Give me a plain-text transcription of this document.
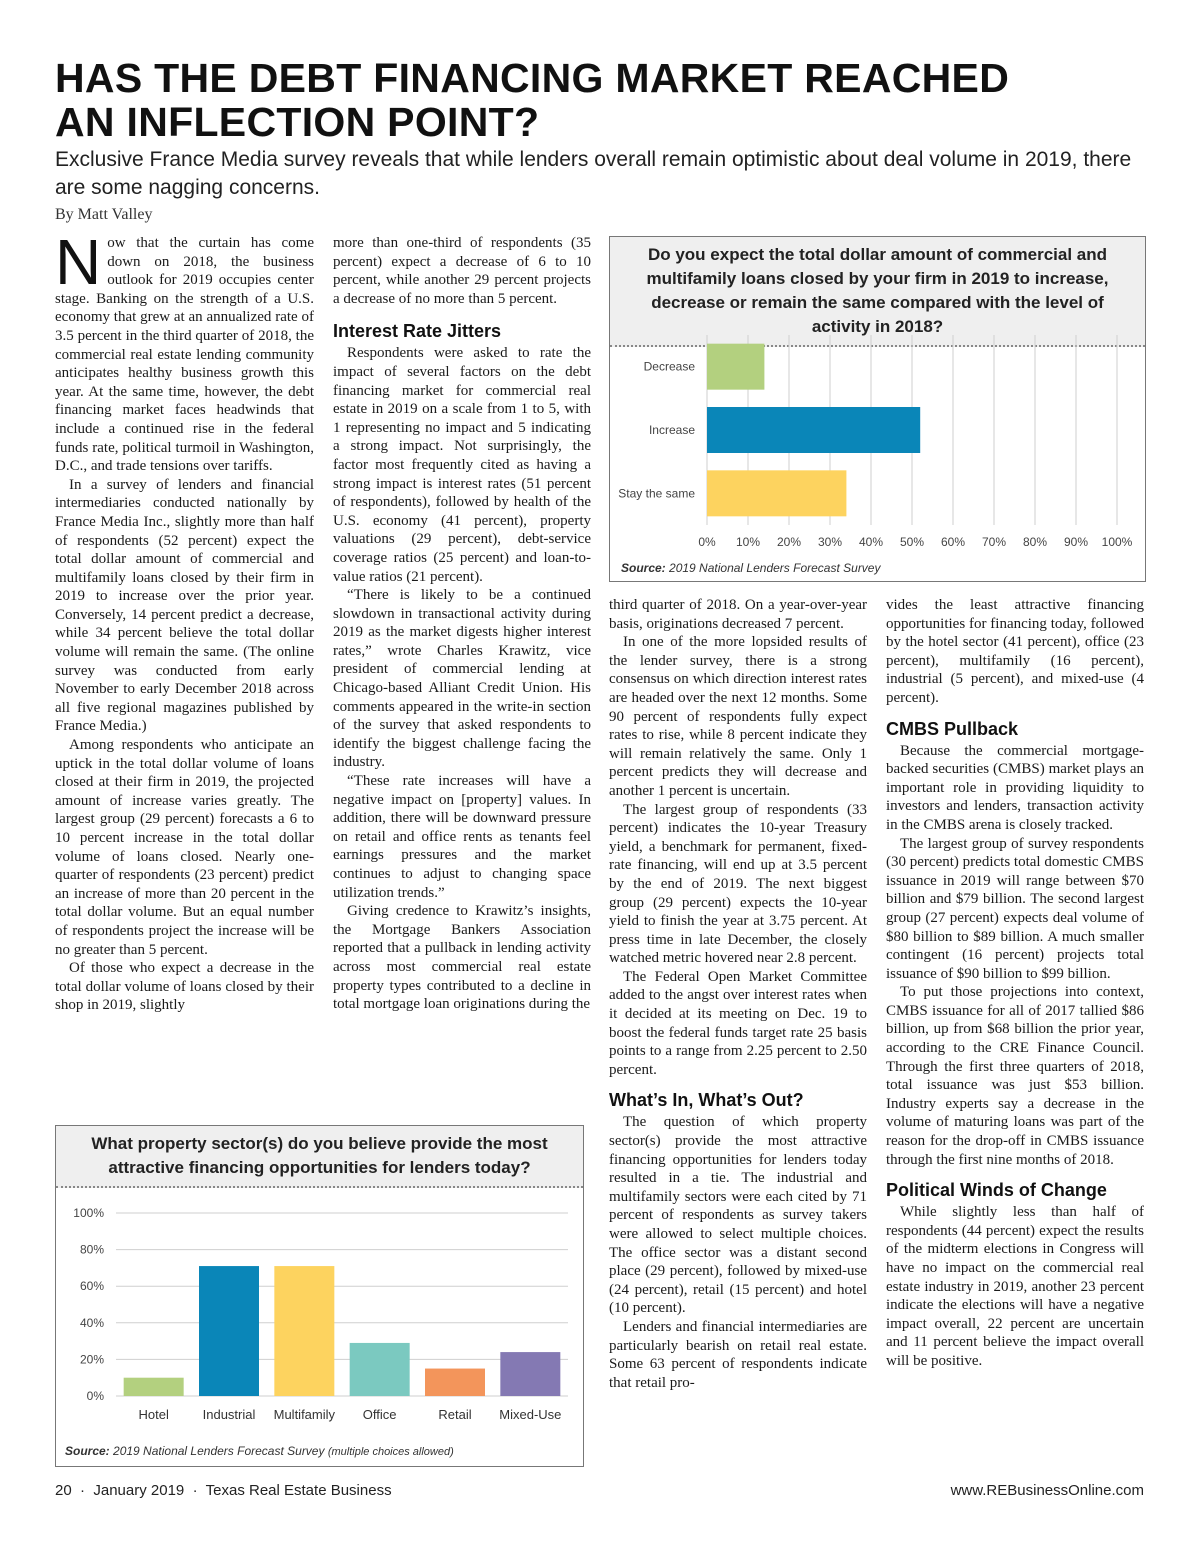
HAS THE DEBT FINANCING MARKET REACHED
AN INFLECTION POINT?
Exclusive France Media survey reveals that while lenders overall remain optimistic about deal volume in 2019, there are some nagging concerns.
By Matt Valley

Now that the curtain has come down on 2018, the business outlook for 2019 occupies center stage. Banking on the strength of a U.S. economy that grew at an annualized rate of 3.5 percent in the third quarter of 2018, the commercial real estate lending community anticipates healthy business growth this year. At the same time, however, the debt financing market faces headwinds that include a continued rise in the federal funds rate, political turmoil in Washington, D.C., and trade tensions over tariffs.

In a survey of lenders and financial intermediaries conducted nationally by France Media Inc., slightly more than half of respondents (52 percent) expect the total dollar amount of commercial and multifamily loans closed by their firm in 2019 to increase over the prior year. Conversely, 14 percent predict a decrease, while 34 percent believe the total dollar volume will remain the same. (The online survey was conducted from early November to early December 2018 across all five regional magazines published by France Media.)

Among respondents who anticipate an uptick in the total dollar volume of loans closed at their firm in 2019, the projected amount of increase varies greatly. The largest group (29 percent) forecasts a 6 to 10 percent increase in the total dollar volume of loans closed. Nearly one-quarter of respondents (23 percent) predict an increase of more than 20 percent in the total dollar volume. But an equal number of respondents project the increase will be no greater than 5 percent.

Of those who expect a decrease in the total dollar volume of loans closed by their shop in 2019, slightly

more than one-third of respondents (35 percent) expect a decrease of 6 to 10 percent, while another 29 percent projects a decrease of no more than 5 percent.

Interest Rate Jitters

Respondents were asked to rate the impact of several factors on the debt financing market for commercial real estate in 2019 on a scale from 1 to 5, with 1 representing no impact and 5 indicating a strong impact. Not surprisingly, the factor most frequently cited as having a strong impact is interest rates (51 percent of respondents), followed by health of the U.S. economy (41 percent), property valuations (29 percent), debt-service coverage ratios (25 percent) and loan-to-value ratios (21 percent).

“There is likely to be a continued slowdown in transactional activity during 2019 as the market digests higher interest rates,” wrote Charles Krawitz, vice president of commercial lending at Chicago-based Alliant Credit Union. His comments appeared in the write-in section of the survey that asked respondents to identify the biggest challenge facing the industry.

“These rate increases will have a negative impact on [property] values. In addition, there will be downward pressure on retail and office rents as tenants feel earnings pressures and the market continues to adjust to changing space utilization trends.”

Giving credence to Krawitz’s insights, the Mortgage Bankers Association reported that a pullback in lending activity across most commercial real estate property types contributed to a decline in total mortgage loan originations during the

Do you expect the total dollar amount of commercial and multifamily loans closed by your firm in 2019 to increase, decrease or remain the same compared with the level of activity in 2018?
0% 10% 20% 30% 40% 50% 60% 70% 80% 90% 100%
Decrease
Increase
Stay the same
Source: 2019 National Lenders Forecast Survey
What property sector(s) do you believe provide the most attractive financing opportunities for lenders today?
0%
20%
40%
60%
80%
100%
Hotel	Industrial Multifamily Office	Retail Mixed-Use
Source: 2019 National Lenders Forecast Survey (multiple choices allowed)

third quarter of 2018. On a year-over-year basis, originations decreased 7 percent.

In one of the more lopsided results of the lender survey, there is a strong consensus on which direction interest rates are headed over the next 12 months. Some 90 percent of respondents fully expect rates to rise, while 8 percent indicate they will remain relatively the same. Only 1 percent predicts they will decrease and another 1 percent is uncertain.

The largest group of respondents (33 percent) indicates the 10-year Treasury yield, a benchmark for permanent, fixed-rate financing, will end up at 3.5 percent by the end of 2019. The next biggest group (29 percent) expects the 10-year yield to finish the year at 3.75 percent. At press time in late December, the closely watched metric hovered near 2.8 percent.

The Federal Open Market Committee added to the angst over interest rates when it decided at its meeting on Dec. 19 to boost the federal funds target rate 25 basis points to a range from 2.25 percent to 2.50 percent.

What’s In, What’s Out?

The question of which property sector(s) provide the most attractive financing opportunities for lenders today resulted in a tie. The industrial and multifamily sectors were each cited by 71 percent of respondents as survey takers were allowed to select multiple choices. The office sector was a distant second place (29 percent), followed by mixed-use (24 percent), retail (15 percent) and hotel (10 percent).

Lenders and financial intermediaries are particularly bearish on retail real estate. Some 63 percent of respondents indicate that retail pro-

vides the least attractive financing opportunities for financing today, followed by the hotel sector (41 percent), office (23 percent), multifamily (16 percent), industrial (5 percent), and mixed-use (4 percent).

CMBS Pullback

Because the commercial mortgage-backed securities (CMBS) market plays an important role in providing liquidity to investors and lenders, transaction activity in the CMBS arena is closely tracked.

The largest group of survey respondents (30 percent) predicts total domestic CMBS issuance in 2019 will range between $70 billion and $79 billion. The second largest group (27 percent) expects deal volume of $80 billion to $89 billion. A much smaller contingent (16 percent) projects total issuance of $90 billion to $99 billion.

To put those projections into context, CMBS issuance for all of 2017 tallied $86 billion, up from $68 billion the prior year, according to the CRE Finance Council. Through the first three quarters of 2018, total issuance was just $53 billion. Industry experts say a decrease in the volume of maturing loans was part of the reason for the drop-off in CMBS issuance through the first nine months of 2018.

Political Winds of Change

While slightly less than half of respondents (44 percent) expect the results of the midterm elections in Congress will have no impact on the commercial real estate industry in 2019, another 23 percent indicate the elections will have a negative impact overall, 22 percent are uncertain and 11 percent believe the impact overall will be positive.

20  ·  January 2019  ·  Texas Real Estate Business	www.REBusinessOnline.com
